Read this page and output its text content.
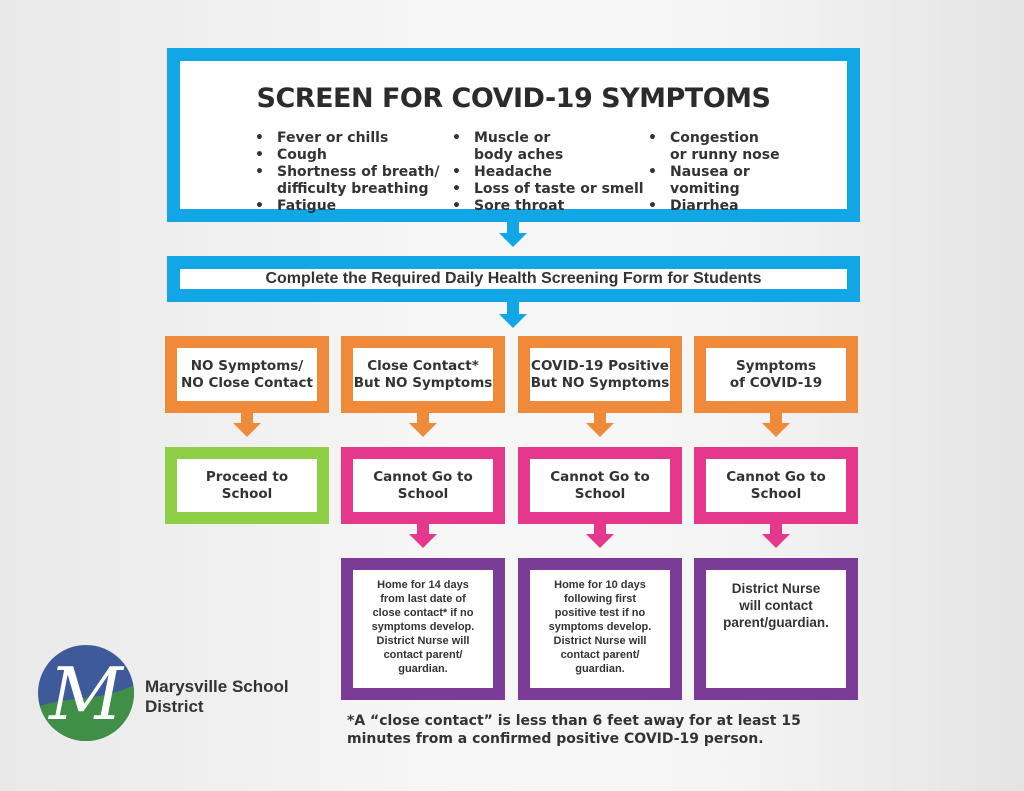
SCREEN FOR COVID-19 SYMPTOMS
• Fever or chills
• Cough
• Shortness of breath/
difficulty breathing
• Fatigue
• Muscle or
body aches
• Headache
• Loss of taste or smell
• Sore throat
• Congestion
or runny nose
• Nausea or
vomiting
• Diarrhea
Complete the Required Daily Health Screening Form for Students
NO Symptoms/
NO Close Contact
Close Contact*
But NO Symptoms
COVID-19 Positive
But NO Symptoms
Symptoms
of COVID-19
Proceed to
School
Cannot Go to
School
Cannot Go to
School
Cannot Go to
School
Home for 14 days
from last date of
close contact* if no
symptoms develop.
District Nurse will
contact parent/
guardian.
Home for 10 days
following first
positive test if no
symptoms develop.
District Nurse will
contact parent/
guardian.
District Nurse
will contact
parent/guardian.
M Marysville School
District
*A “close contact” is less than 6 feet away for at least 15 minutes from a confirmed positive COVID-19 person.
